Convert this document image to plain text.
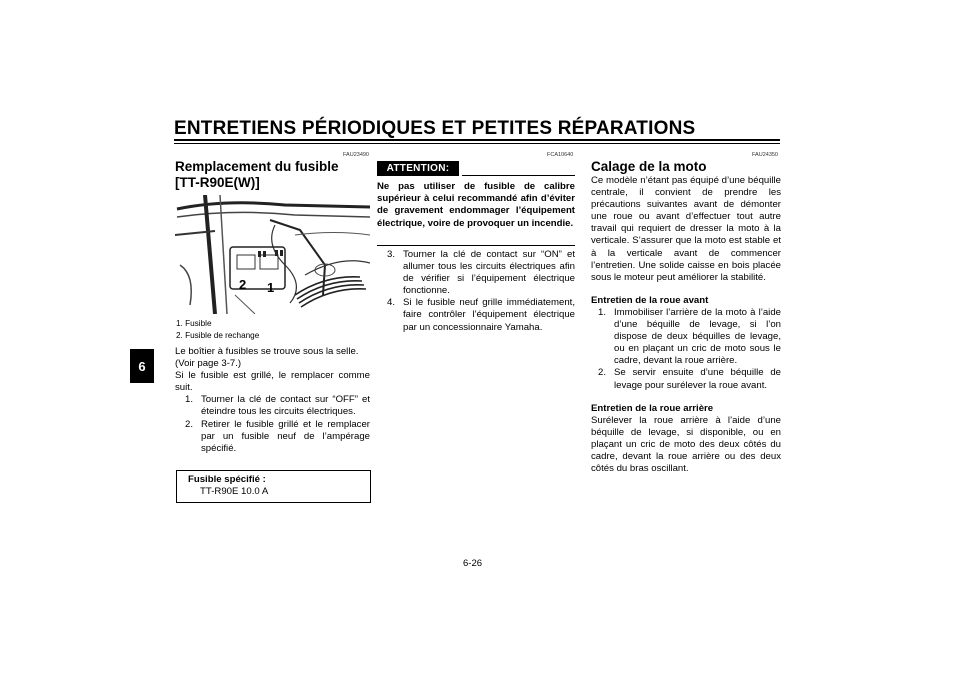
ENTRETIENS PÉRIODIQUES ET PETITES RÉPARATIONS
6
FAU23490
Remplacement du fusible
[TT-R90E(W)]
2 1
1. Fusible
2. Fusible de rechange
Le boîtier à fusibles se trouve sous la selle.
(Voir page 3-7.)
Si le fusible est grillé, le remplacer comme suit.
1. Tourner la clé de contact sur “OFF” et éteindre tous les circuits électriques.
2. Retirer le fusible grillé et le remplacer par un fusible neuf de l’ampérage spécifié.
Fusible spécifié :
TT-R90E 10.0 A
FCA10640
ATTENTION:
Ne pas utiliser de fusible de calibre supérieur à celui recommandé afin d’éviter de gravement endommager l’équipement électrique, voire de provoquer un incendie.
3. Tourner la clé de contact sur “ON” et allumer tous les circuits électriques afin de vérifier si l’équipement électrique fonctionne.
4. Si le fusible neuf grille immédiatement, faire contrôler l’équipement électrique par un concessionnaire Yamaha.
FAU24350
Calage de la moto
Ce modèle n’étant pas équipé d’une béquille centrale, il convient de prendre les précautions suivantes avant de démonter une roue ou avant d’effectuer tout autre travail qui requiert de dresser la moto à la verticale. S’assurer que la moto est stable et à la verticale avant de commencer l’entretien. Une solide caisse en bois placée sous le moteur peut améliorer la stabilité.
Entretien de la roue avant
1. Immobiliser l’arrière de la moto à l’aide d’une béquille de levage, si l’on dispose de deux béquilles de levage, ou en plaçant un cric de moto sous le cadre, devant la roue arrière.
2. Se servir ensuite d’une béquille de levage pour surélever la roue avant.
Entretien de la roue arrière
Surélever la roue arrière à l’aide d’une béquille de levage, si disponible, ou en plaçant un cric de moto des deux côtés du cadre, devant la roue arrière ou des deux côtés du bras oscillant.
6-26
